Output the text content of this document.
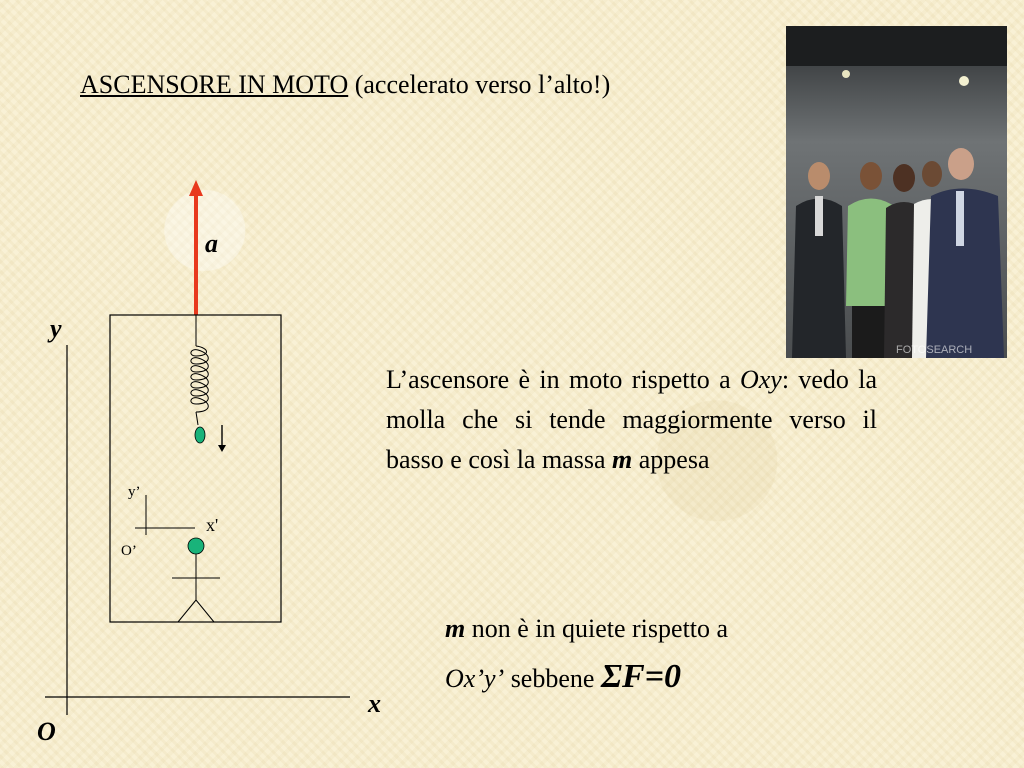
ASCENSORE IN MOTO (accelerato verso l’alto!)
FOTOSEARCH
a
y
x
O
y’
x'
O’
L’ascensore è in moto rispetto a Oxy: vedo la molla che si tende maggiormente verso il basso e così la massa m appesa
m non è in quiete rispetto a
Ox’y’ sebbene ΣF=0
